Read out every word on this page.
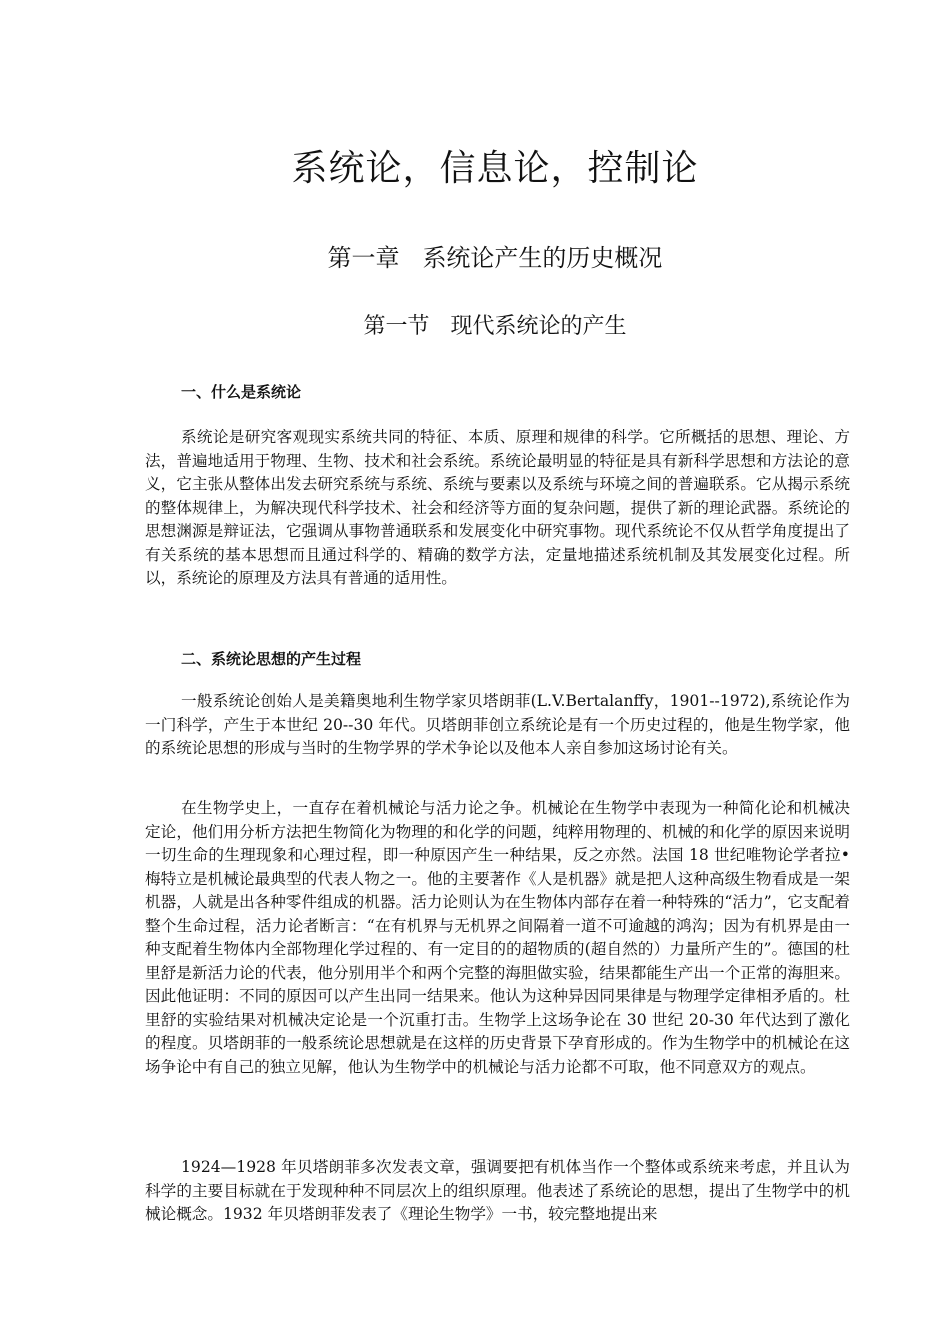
系统论，信息论，控制论
第一章 系统论产生的历史概况
第一节 现代系统论的产生
一、什么是系统论

系统论是研究客观现实系统共同的特征、本质、原理和规律的科学。它所概括的思想、理论、方法，普遍地适用于物理、生物、技术和社会系统。系统论最明显的特征是具有新科学思想和方法论的意义，它主张从整体出发去研究系统与系统、系统与要素以及系统与环境之间的普遍联系。它从揭示系统的整体规律上，为解决现代科学技术、社会和经济等方面的复杂问题，提供了新的理论武器。系统论的思想渊源是辩证法，它强调从事物普通联系和发展变化中研究事物。现代系统论不仅从哲学角度提出了有关系统的基本思想而且通过科学的、精确的数学方法，定量地描述系统机制及其发展变化过程。所以，系统论的原理及方法具有普通的适用性。

二、系统论思想的产生过程

一般系统论创始人是美籍奥地利生物学家贝塔朗菲(L.V.Bertalanffy，1901--1972),系统论作为一门科学，产生于本世纪 20--30 年代。贝塔朗菲创立系统论是有一个历史过程的，他是生物学家，他的系统论思想的形成与当时的生物学界的学术争论以及他本人亲自参加这场讨论有关。

在生物学史上，一直存在着机械论与活力论之争。机械论在生物学中表现为一种简化论和机械决定论，他们用分析方法把生物简化为物理的和化学的问题，纯粹用物理的、机械的和化学的原因来说明一切生命的生理现象和心理过程，即一种原因产生一种结果，反之亦然。法国 18 世纪唯物论学者拉•梅特立是机械论最典型的代表人物之一。他的主要著作《人是机器》就是把人这种高级生物看成是一架机器，人就是出各种零件组成的机器。活力论则认为在生物体内部存在着一种特殊的“活力”，它支配着整个生命过程，活力论者断言：“在有机界与无机界之间隔着一道不可逾越的鸿沟；因为有机界是由一种支配着生物体内全部物理化学过程的、有一定目的的超物质的(超自然的）力量所产生的”。德国的杜里舒是新活力论的代表，他分别用半个和两个完整的海胆做实验，结果都能生产出一个正常的海胆来。因此他证明：不同的原因可以产生出同一结果来。他认为这种异因同果律是与物理学定律相矛盾的。杜里舒的实验结果对机械决定论是一个沉重打击。生物学上这场争论在 30 世纪 20-30 年代达到了激化的程度。贝塔朗菲的一般系统论思想就是在这样的历史背景下孕育形成的。作为生物学中的机械论在这场争论中有自己的独立见解，他认为生物学中的机械论与活力论都不可取，他不同意双方的观点。

1924—1928 年贝塔朗菲多次发表文章，强调要把有机体当作一个整体或系统来考虑，并且认为科学的主要目标就在于发现种种不同层次上的组织原理。他表述了系统论的思想，提出了生物学中的机械论概念。1932 年贝塔朗菲发表了《理论生物学》一书，较完整地提出来
